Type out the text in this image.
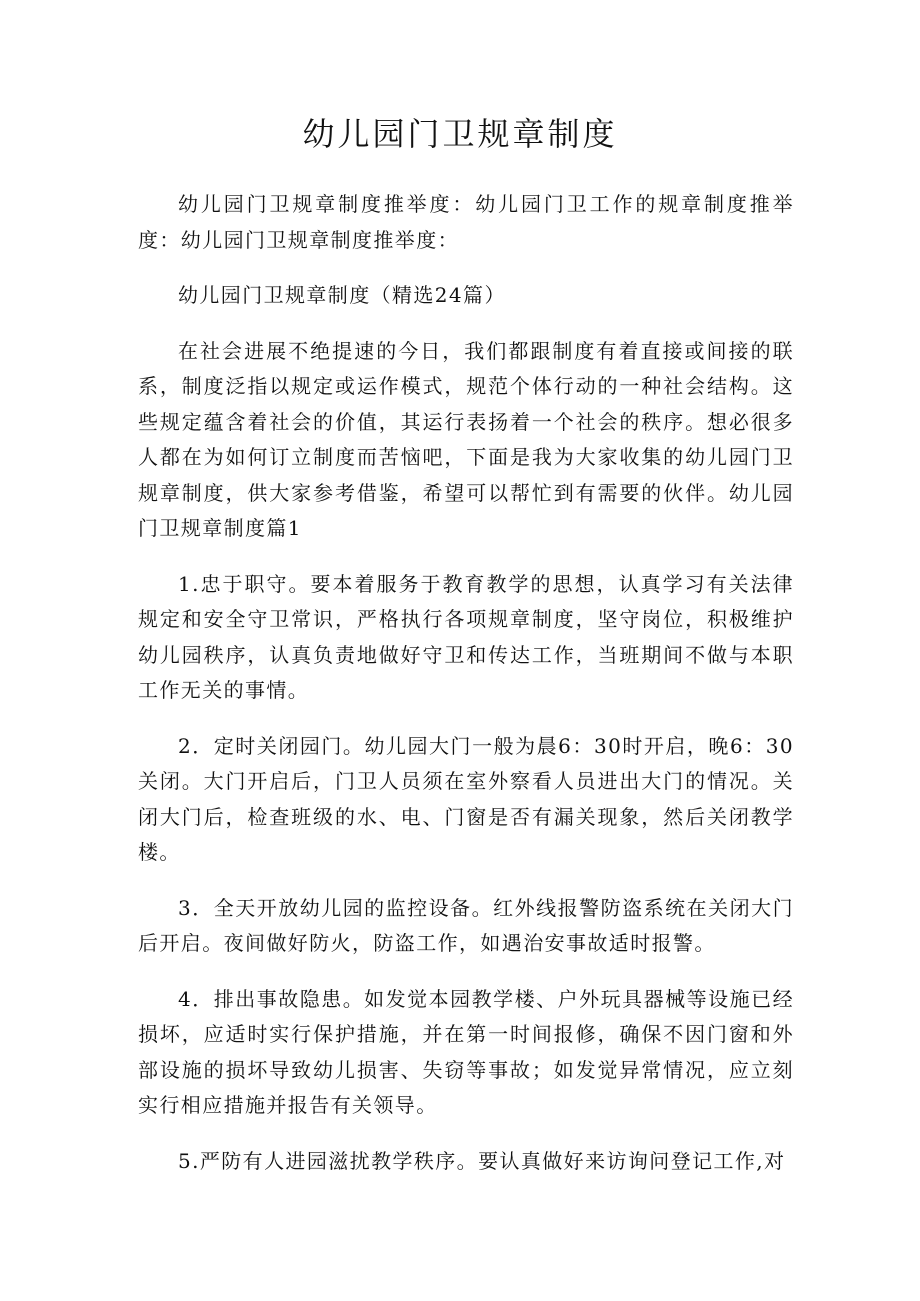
幼儿园门卫规章制度

幼儿园门卫规章制度推举度：幼儿园门卫工作的规章制度推举度：幼儿园门卫规章制度推举度：

幼儿园门卫规章制度（精选24篇）

在社会进展不绝提速的今日，我们都跟制度有着直接或间接的联系，制度泛指以规定或运作模式，规范个体行动的一种社会结构。这些规定蕴含着社会的价值，其运行表扬着一个社会的秩序。想必很多人都在为如何订立制度而苦恼吧，下面是我为大家收集的幼儿园门卫规章制度，供大家参考借鉴，希望可以帮忙到有需要的伙伴。幼儿园门卫规章制度篇1

1.忠于职守。要本着服务于教育教学的思想，认真学习有关法律规定和安全守卫常识，严格执行各项规章制度，坚守岗位，积极维护幼儿园秩序，认真负责地做好守卫和传达工作，当班期间不做与本职工作无关的事情。

2．定时关闭园门。幼儿园大门一般为晨6：30时开启，晚6：30关闭。大门开启后，门卫人员须在室外察看人员进出大门的情况。关闭大门后，检查班级的水、电、门窗是否有漏关现象，然后关闭教学楼。

3．全天开放幼儿园的监控设备。红外线报警防盗系统在关闭大门后开启。夜间做好防火，防盗工作，如遇治安事故适时报警。

4．排出事故隐患。如发觉本园教学楼、户外玩具器械等设施已经损坏，应适时实行保护措施，并在第一时间报修，确保不因门窗和外部设施的损坏导致幼儿损害、失窃等事故；如发觉异常情况，应立刻实行相应措施并报告有关领导。

5.严防有人进园滋扰教学秩序。要认真做好来访询问登记工作,对
